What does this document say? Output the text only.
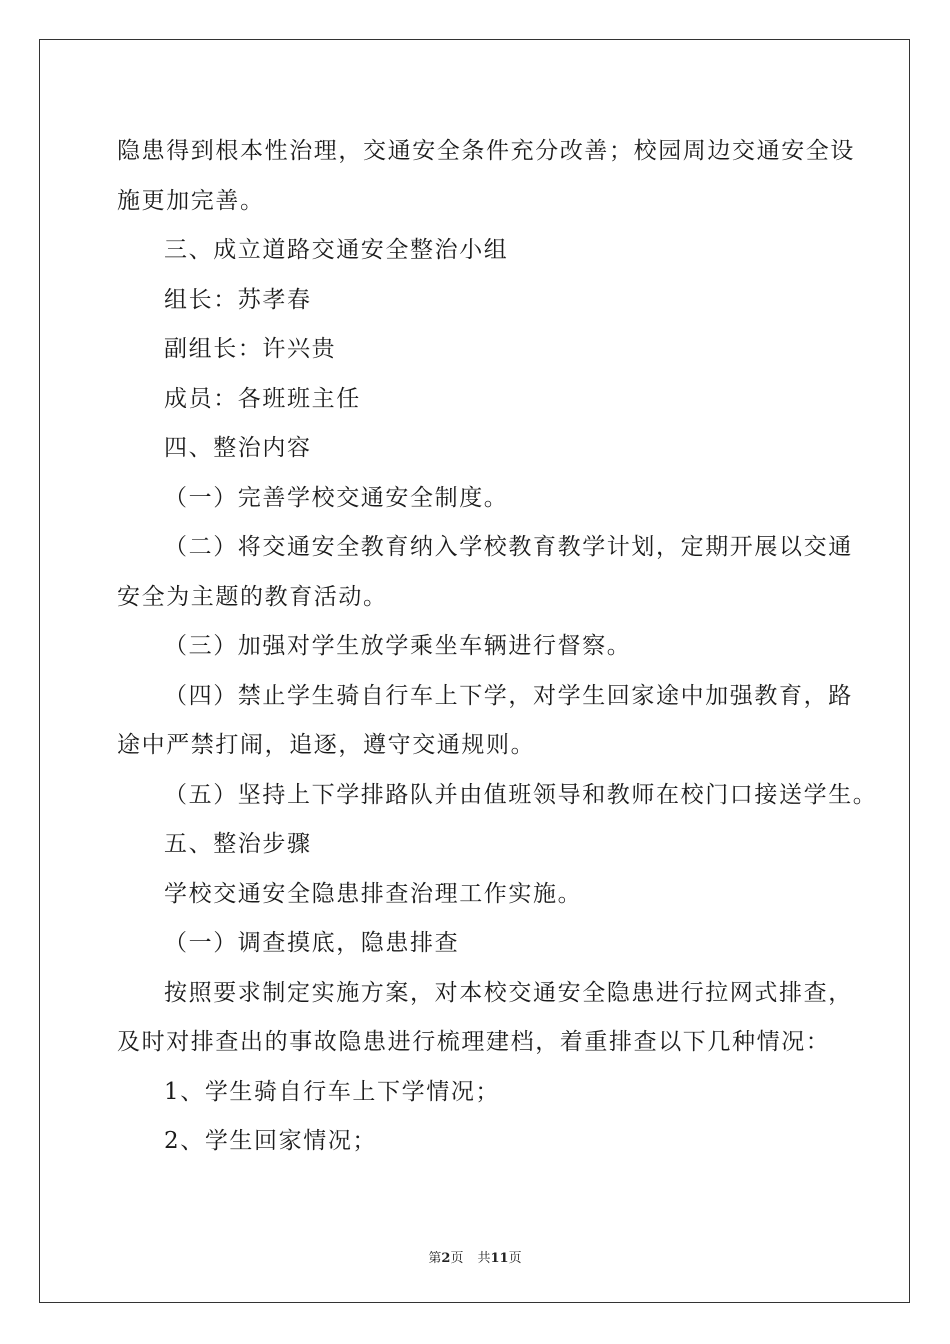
隐患得到根本性治理，交通安全条件充分改善；校园周边交通安全设

施更加完善。

三、成立道路交通安全整治小组

组长：苏孝春

副组长：许兴贵

成员：各班班主任

四、整治内容

（一）完善学校交通安全制度。

（二）将交通安全教育纳入学校教育教学计划，定期开展以交通

安全为主题的教育活动。

（三）加强对学生放学乘坐车辆进行督察。

（四）禁止学生骑自行车上下学，对学生回家途中加强教育，路

途中严禁打闹，追逐，遵守交通规则。

（五）坚持上下学排路队并由值班领导和教师在校门口接送学生。

五、整治步骤

学校交通安全隐患排查治理工作实施。

（一）调查摸底，隐患排查

按照要求制定实施方案，对本校交通安全隐患进行拉网式排查，

及时对排查出的事故隐患进行梳理建档，着重排查以下几种情况：

1、学生骑自行车上下学情况；

2、学生回家情况；

第2页 共11页
